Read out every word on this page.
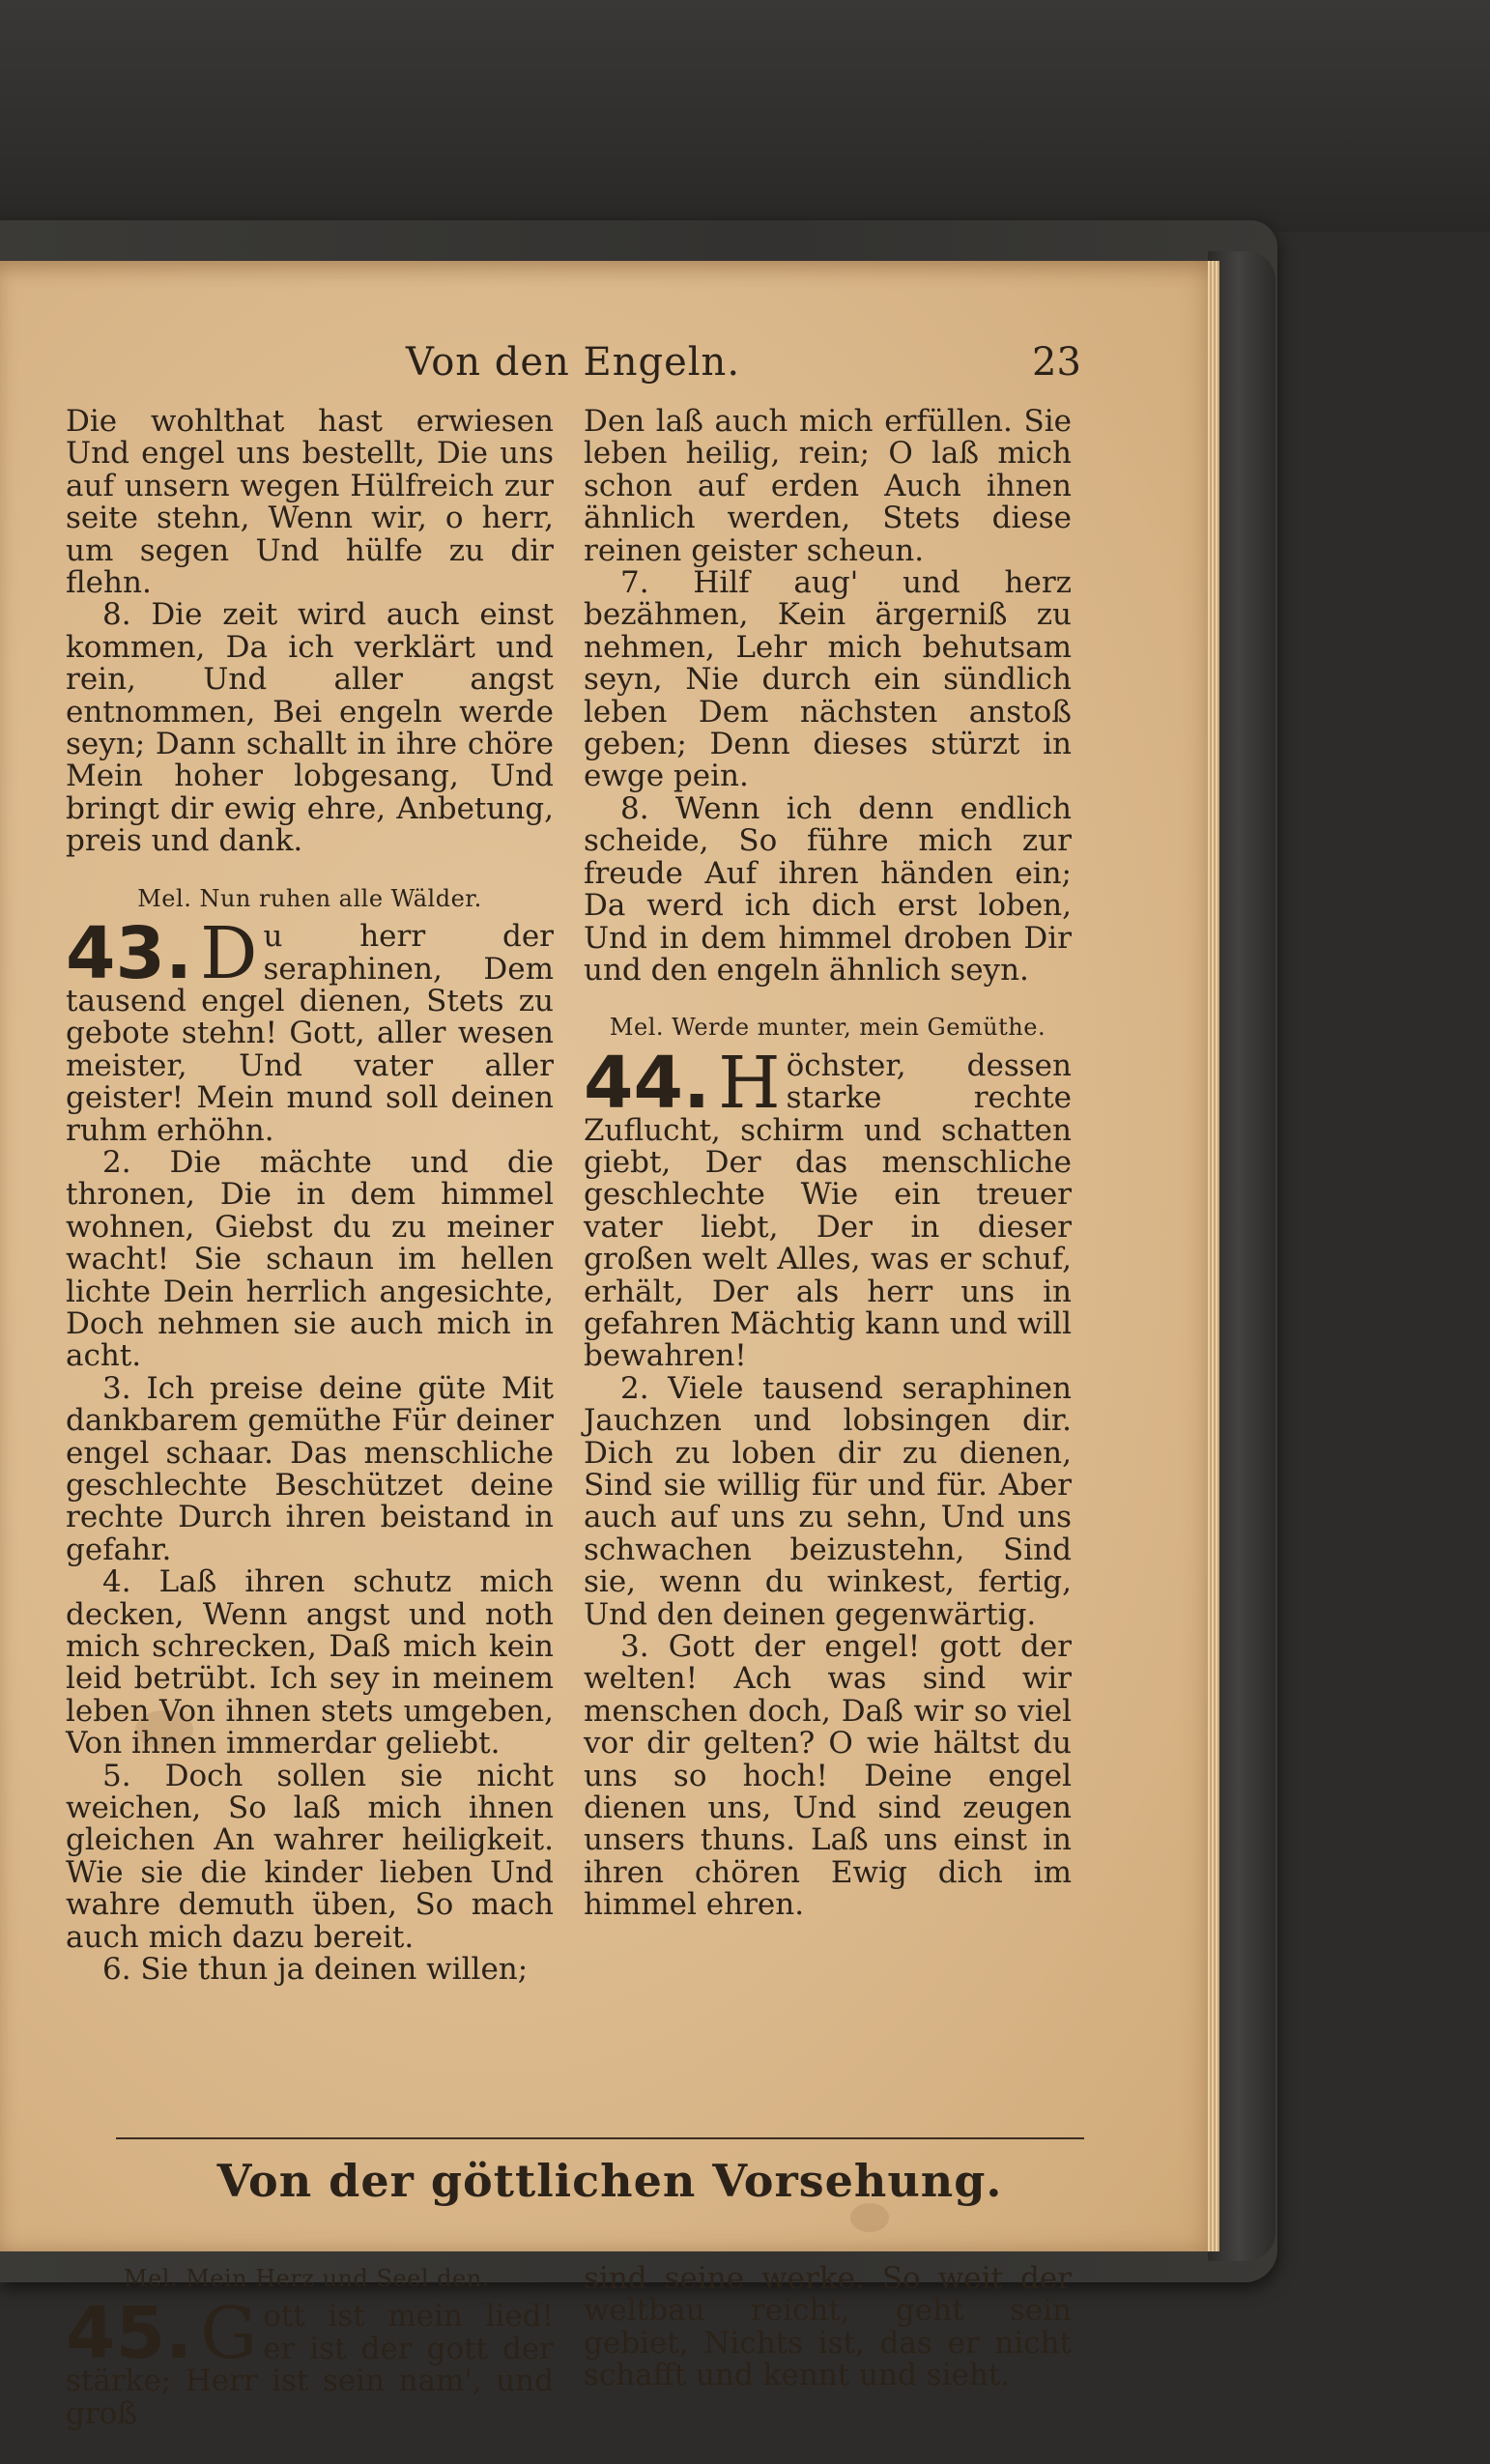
Von den Engeln.	23

Die wohlthat hast erwiesen Und engel uns bestellt, Die uns auf unsern wegen Hülfreich zur seite stehn, Wenn wir, o herr, um segen Und hülfe zu dir flehn.

8. Die zeit wird auch einst kommen, Da ich verklärt und rein, Und aller angst entnommen, Bei engeln werde seyn; Dann schallt in ihre chöre Mein hoher lobgesang, Und bringt dir ewig ehre, Anbetung, preis und dank.

Mel. Nun ruhen alle Wälder.
43. D u herr der seraphinen, Dem tausend engel dienen, Stets zu gebote stehn! Gott, aller wesen meister, Und vater aller geister! Mein mund soll deinen ruhm erhöhn.

2. Die mächte und die thronen, Die in dem himmel wohnen, Giebst du zu meiner wacht! Sie schaun im hellen lichte Dein herrlich angesichte, Doch nehmen sie auch mich in acht.

3. Ich preise deine güte Mit dankbarem gemüthe Für deiner engel schaar. Das menschliche geschlechte Beschützet deine rechte Durch ihren beistand in gefahr.

4. Laß ihren schutz mich decken, Wenn angst und noth mich schrecken, Daß mich kein leid betrübt. Ich sey in meinem leben Von ihnen stets umgeben, Von ihnen immerdar geliebt.

5. Doch sollen sie nicht weichen, So laß mich ihnen gleichen An wahrer heiligkeit. Wie sie die kinder lieben Und wahre demuth üben, So mach auch mich dazu bereit.

6. Sie thun ja deinen willen;

Den laß auch mich erfüllen. Sie leben heilig, rein; O laß mich schon auf erden Auch ihnen ähnlich werden, Stets diese reinen geister scheun.

7. Hilf aug' und herz bezähmen, Kein ärgerniß zu nehmen, Lehr mich behutsam seyn, Nie durch ein sündlich leben Dem nächsten anstoß geben; Denn dieses stürzt in ewge pein.

8. Wenn ich denn endlich scheide, So führe mich zur freude Auf ihren händen ein; Da werd ich dich erst loben, Und in dem himmel droben Dir und den engeln ähnlich seyn.

Mel. Werde munter, mein Gemüthe.
44. H öchster, dessen starke rechte Zuflucht, schirm und schatten giebt, Der das menschliche geschlechte Wie ein treuer vater liebt, Der in dieser großen welt Alles, was er schuf, erhält, Der als herr uns in gefahren Mächtig kann und will bewahren!

2. Viele tausend seraphinen Jauchzen und lobsingen dir. Dich zu loben dir zu dienen, Sind sie willig für und für. Aber auch auf uns zu sehn, Und uns schwachen beizustehn, Sind sie, wenn du winkest, fertig, Und den deinen gegenwärtig.

3. Gott der engel! gott der welten! Ach was sind wir menschen doch, Daß wir so viel vor dir gelten? O wie hältst du uns so hoch! Deine engel dienen uns, Und sind zeugen unsers thuns. Laß uns einst in ihren chören Ewig dich im himmel ehren.

Von der göttlichen Vorsehung.
Mel. Mein Herz und Seel den.
45. G ott ist mein lied! er ist der gott der stärke; Herr ist sein nam', und groß

sind seine werke. So weit der weltbau reicht, geht sein gebiet, Nichts ist, das er nicht schafft und kennt und sieht.
